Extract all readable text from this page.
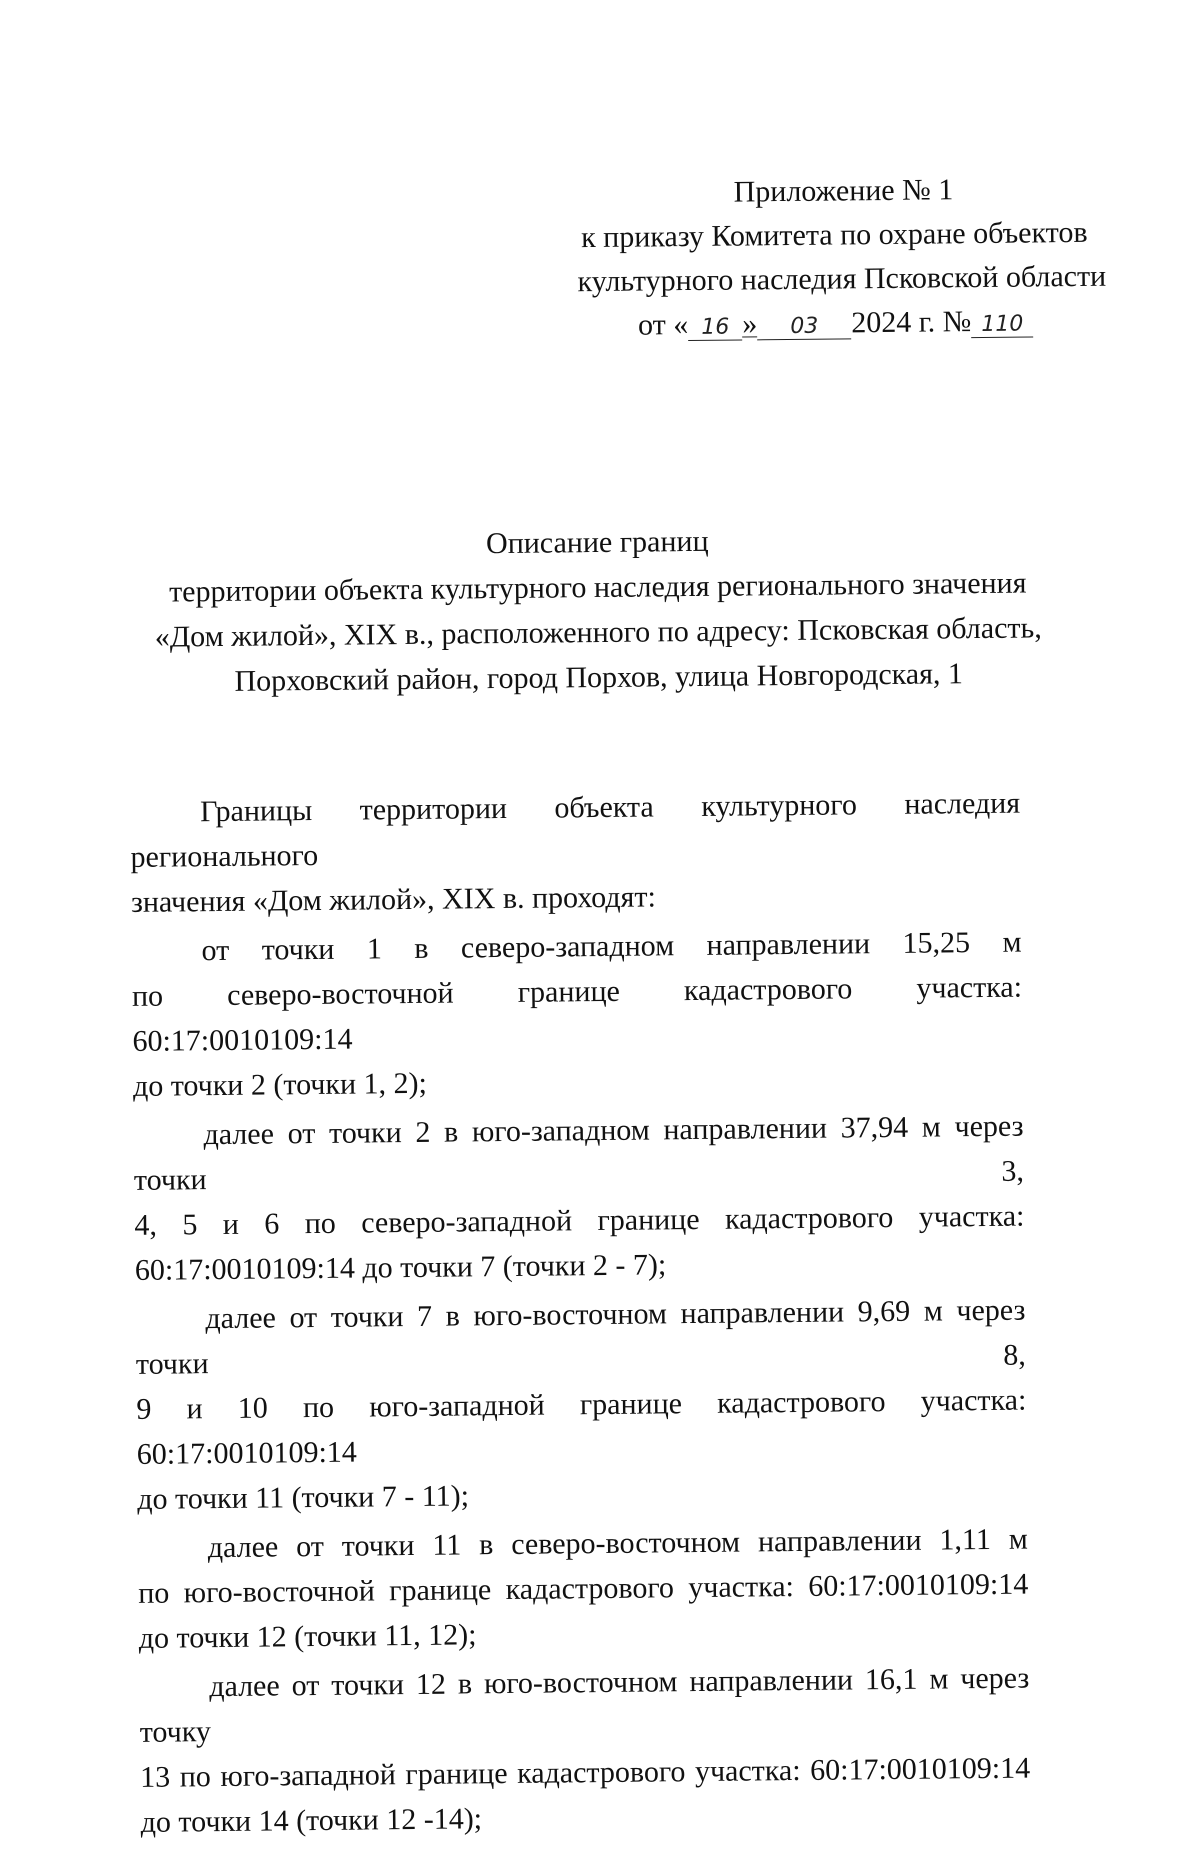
Приложение № 1
к приказу Комитета по охране объектов
культурного наследия Псковской области
от « 16 » 03 2024 г. № 110
Описание границ
территории объекта культурного наследия регионального значения
«Дом жилой», XIX в., расположенного по адресу: Псковская область,
Порховский район, город Порхов, улица Новгородская, 1
Границы территории объекта культурного наследия регионального
значения «Дом жилой», XIX в. проходят:
от точки 1 в северо-западном направлении 15,25 м
по северо-восточной границе кадастрового участка: 60:17:0010109:14
до точки 2 (точки 1, 2);
далее от точки 2 в юго-западном направлении 37,94 м через точки 3,
4, 5 и 6 по северо-западной границе кадастрового участка:
60:17:0010109:14 до точки 7 (точки 2 - 7);
далее от точки 7 в юго-восточном направлении 9,69 м через точки 8,
9 и 10 по юго-западной границе кадастрового участка: 60:17:0010109:14
до точки 11 (точки 7 - 11);
далее от точки 11 в северо-восточном направлении 1,11 м
по юго-восточной границе кадастрового участка: 60:17:0010109:14
до точки 12 (точки 11, 12);
далее от точки 12 в юго-восточном направлении 16,1 м через точку
13 по юго-западной границе кадастрового участка: 60:17:0010109:14
до точки 14 (точки 12 -14);
